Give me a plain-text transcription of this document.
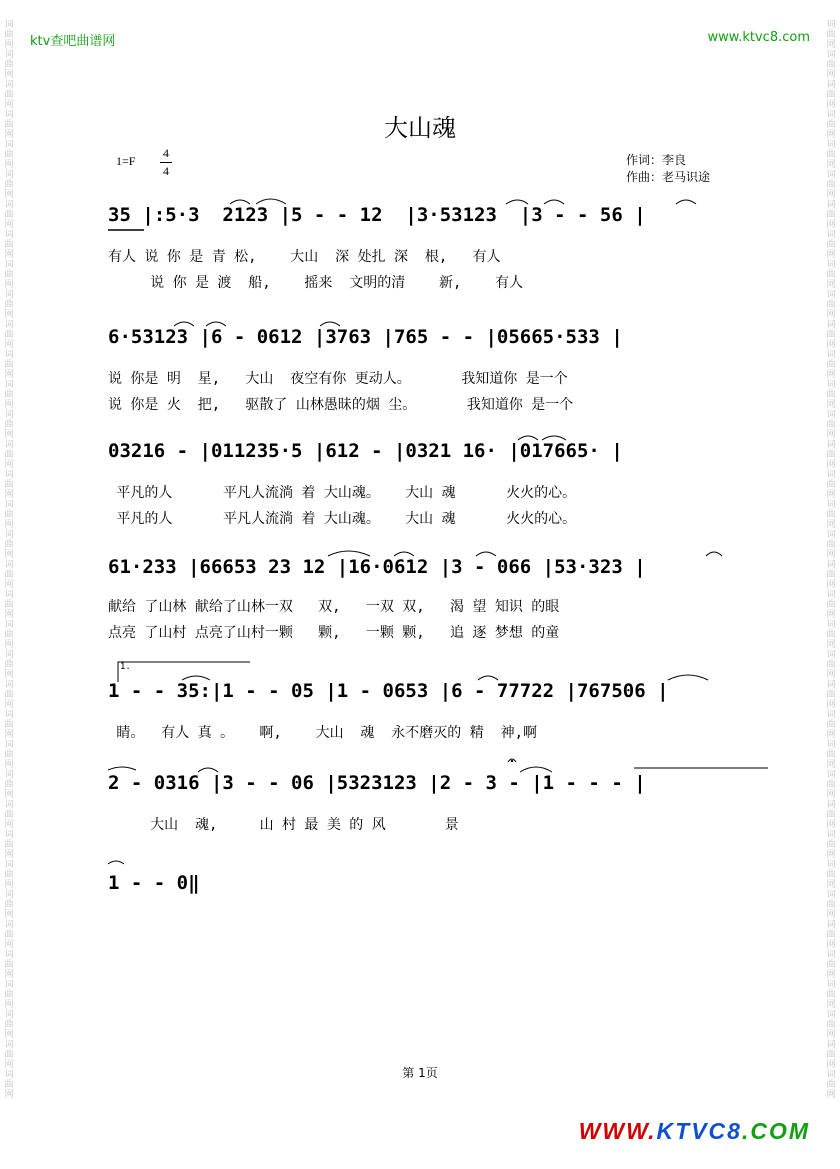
词曲网词曲网词曲网词曲网词曲网词曲网词曲网词曲网词曲网词曲网词曲网词曲网词曲网词曲网词曲网词曲网词曲网词曲网词曲网词曲网词曲网词曲网词曲网词曲网词曲网词曲网词曲网词曲网词曲网词曲网词曲网词曲网词曲网词曲网词曲网词曲网
词曲网词曲网词曲网词曲网词曲网词曲网词曲网词曲网词曲网词曲网词曲网词曲网词曲网词曲网词曲网词曲网词曲网词曲网词曲网词曲网词曲网词曲网词曲网词曲网词曲网词曲网词曲网词曲网词曲网词曲网词曲网词曲网词曲网词曲网词曲网词曲网
ktv查吧曲谱网	www.ktvc8.com
大山魂
1=F
4
4
作词：李良
作曲：老马识途
35 |:5·3  2123 |5 - - 12  |3·53123  |3 - - 56 |
有人 说 你 是 青 松,    大山  深 处扎 深  根,   有人
说 你 是 渡  船,    摇来  文明的清    新,    有人
6·53123 |6 - 0612 |3763 |765 - - |05665·533 |
说 你是 明  星,   大山  夜空有你 更动人。      我知道你 是一个
说 你是 火  把,   驱散了 山林愚昧的烟 尘。      我知道你 是一个
03216 - |011235·5 |612 - |0321 16· |017665· |
平凡的人      平凡人流淌 着 大山魂。   大山 魂      火火的心。
平凡的人      平凡人流淌 着 大山魂。   大山 魂      火火的心。
61·233 |66653 23 12 |16·0612 |3 - 066 |53·323 |
献给 了山林 献给了山林一双   双,   一双 双,   渴 望 知识 的眼
点亮 了山村 点亮了山村一颗   颗,   一颗 颗,   追 逐 梦想 的童
1.
1 - - 35:|1 - - 05 |1 - 0653 |6 - 77722 |767506 |
睛。  有人 真 。   啊,    大山  魂  永不磨灭的 精  神,啊
2 - 0316 |3 - - 06 |5323123 |2 - 3 - |1 - - - |
大山  魂,     山 村 最 美 的 风       景
1 - - 0‖
第 1页
WWW.KTVC8.COM
